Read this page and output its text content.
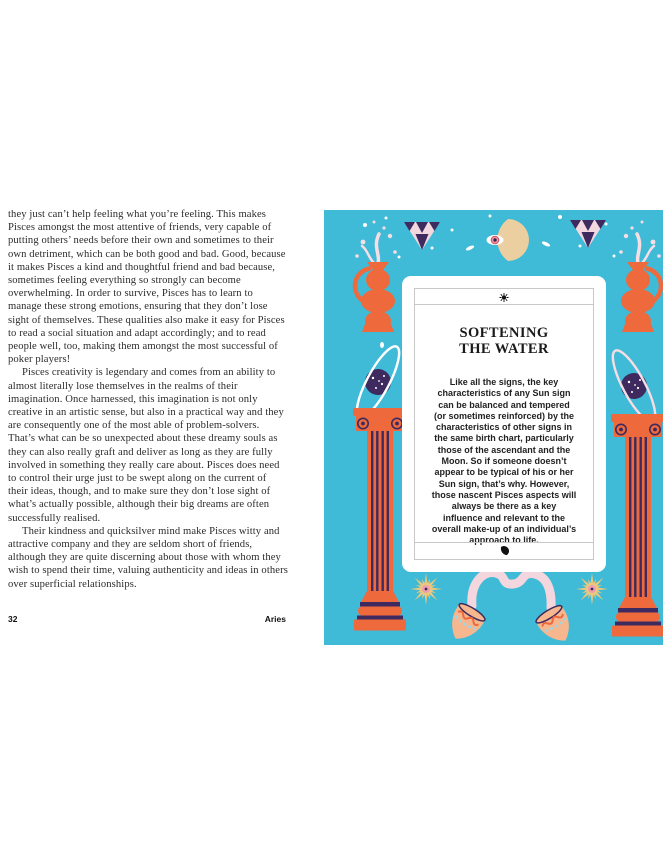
they just can’t help feeling what you’re feeling. This makes Pisces amongst the most attentive of friends, very capable of putting others’ needs before their own and sometimes to their own detriment, which can be both good and bad. Good, because it makes Pisces a kind and thoughtful friend and bad because, sometimes feeling everything so strongly can become overwhelming. In order to survive, Pisces has to learn to manage these strong emotions, ensuring that they don’t lose sight of themselves. These qualities also make it easy for Pisces to read a social situation and adapt accordingly; and to read people well, too, making them amongst the most successful of poker players!

Pisces creativity is legendary and comes from an ability to almost literally lose themselves in the realms of their imagination. Once harnessed, this imagination is not only creative in an artistic sense, but also in a practical way and they are consequently one of the most able of problem-solvers. That’s what can be so unexpected about these dreamy souls as they can also really graft and deliver as long as they are fully involved in something they really care about. Pisces does need to control their urge just to be swept along on the current of their ideas, though, and to make sure they don’t lose sight of what’s actually possible, although their big dreams are often successfully realised.

Their kindness and quicksilver mind make Pisces witty and attractive company and they are seldom short of friends, although they are quite discerning about those with whom they wish to spend their time, valuing authenticity and ideas in others over superficial relationships.

32	Aries
SOFTENING
THE WATER
Like all the signs, the key characteristics of any Sun sign can be balanced and tempered (or sometimes reinforced) by the characteristics of other signs in the same birth chart, particularly those of the ascendant and the Moon. So if someone doesn’t appear to be typical of his or her Sun sign, that’s why. However, those nascent Pisces aspects will always be there as a key influence and relevant to the overall make-up of an individual’s approach to life.
